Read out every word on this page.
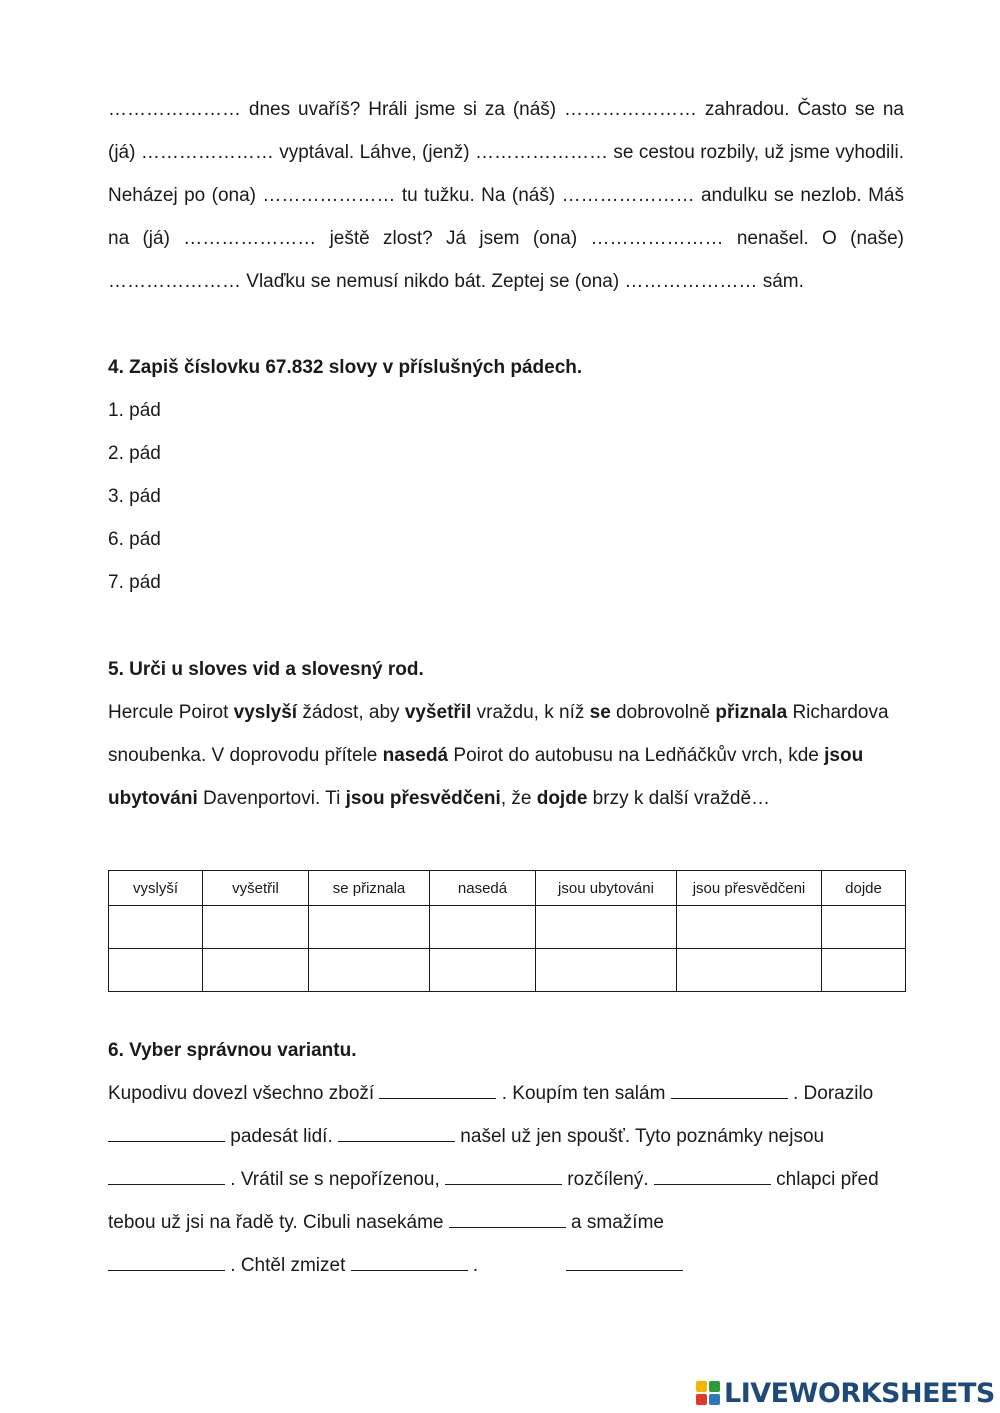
………………… dnes uvaříš? Hráli jsme si za (náš) ………………… zahradou. Často se na (já) ………………… vyptával. Láhve, (jenž) ………………… se cestou rozbily, už jsme vyhodili. Neházej po (ona) ………………… tu tužku. Na (náš) ………………… andulku se nezlob. Máš na (já) ………………… ještě zlost? Já jsem (ona) ………………… nenašel. O (naše) ………………… Vlaďku se nemusí nikdo bát. Zeptej se (ona) ………………… sám.
4. Zapiš číslovku 67.832 slovy v příslušných pádech.
1. pád
2. pád
3. pád
6. pád
7. pád
5. Urči u sloves vid a slovesný rod.
Hercule Poirot vyslyší žádost, aby vyšetřil vraždu, k níž se dobrovolně přiznala Richardova snoubenka. V doprovodu přítele nasedá Poirot do autobusu na Ledňáčkův vrch, kde jsou ubytováni Davenportovi. Ti jsou přesvědčeni, že dojde brzy k další vraždě…
vyslyší	vyšetřil	se přiznala	nasedá	jsou ubytováni	jsou přesvědčeni	dojde

6. Vyber správnou variantu.
Kupodivu dovezl všechno zboží	. Koupím ten salám	. Dorazilo  padesát lidí.	našel už jen spoušť. Tyto poznámky nejsou  . Vrátil se s nepořízenou,	rozčílený.	chlapci před tebou už jsi na řadě ty. Cibuli nasekáme	a smažíme
. Chtěl zmizet	.
LIVEWORKSHEETS
